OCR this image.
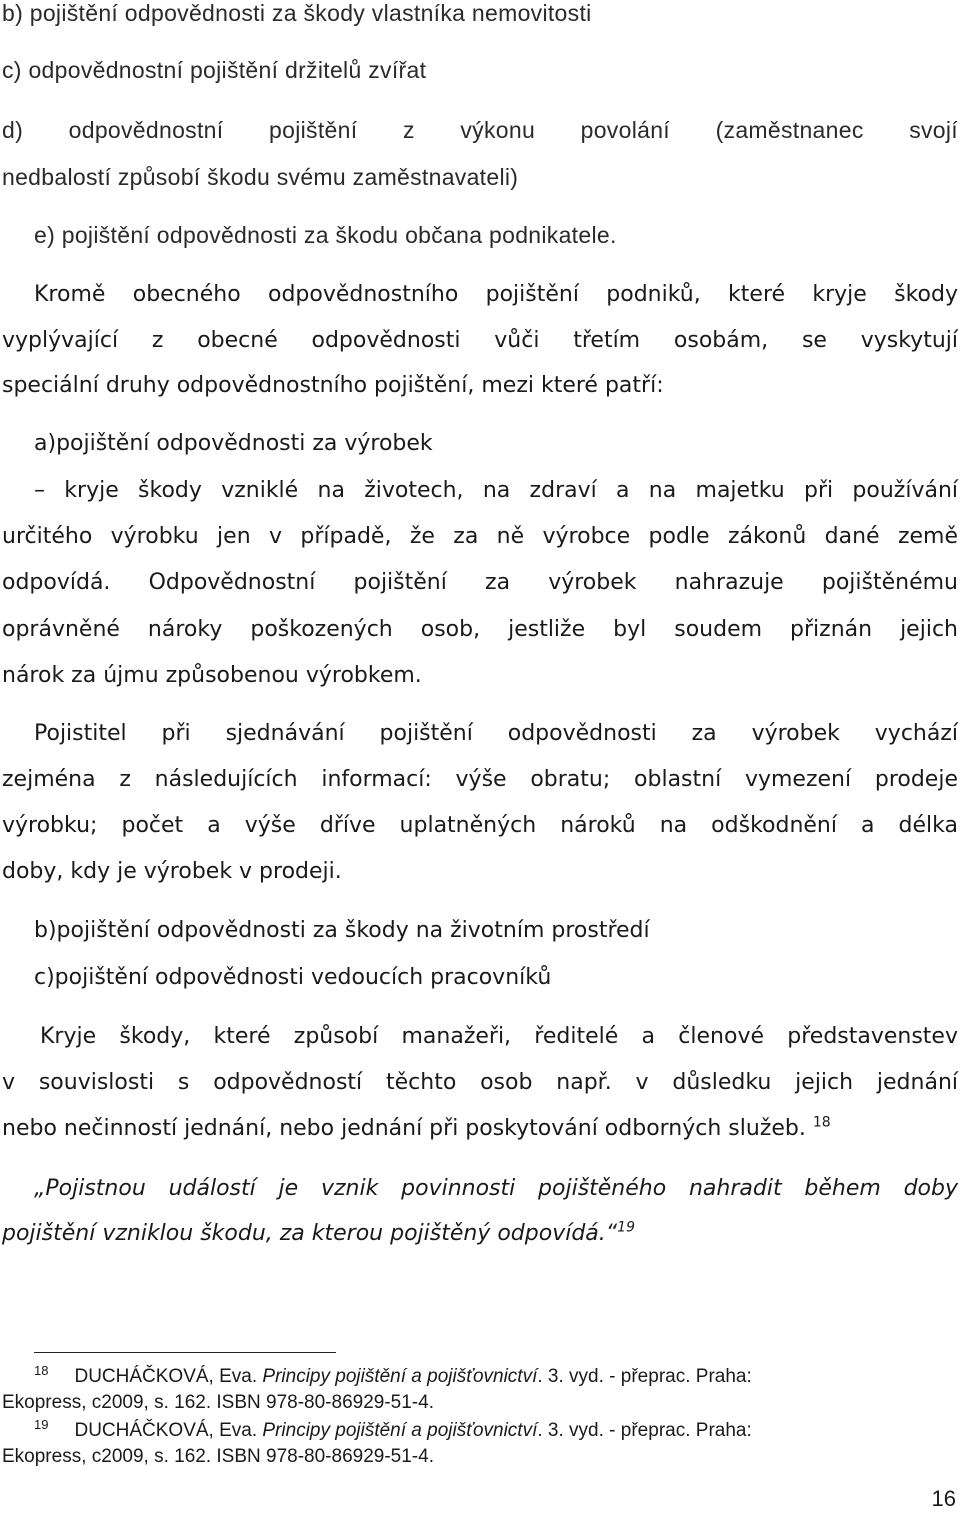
b) pojištění odpovědnosti za škody vlastníka nemovitosti

c) odpovědnostní pojištění držitelů zvířat

d) odpovědnostní pojištění z výkonu povolání (zaměstnanec svojí

nedbalostí způsobí škodu svému zaměstnavateli)

e) pojištění odpovědnosti za škodu občana podnikatele.

Kromě obecného odpovědnostního pojištění podniků, které kryje škody

vyplývající z obecné odpovědnosti vůči třetím osobám, se vyskytují

speciální druhy odpovědnostního pojištění, mezi které patří:

a)pojištění odpovědnosti za výrobek

– kryje škody vzniklé na životech, na zdraví a na majetku při používání

určitého výrobku jen v případě, že za ně výrobce podle zákonů dané země

odpovídá. Odpovědnostní pojištění za výrobek nahrazuje pojištěnému

oprávněné nároky poškozených osob, jestliže byl soudem přiznán jejich

nárok za újmu způsobenou výrobkem.

Pojistitel při sjednávání pojištění odpovědnosti za výrobek vychází

zejména z následujících informací: výše obratu; oblastní vymezení prodeje

výrobku; počet a výše dříve uplatněných nároků na odškodnění a délka

doby, kdy je výrobek v prodeji.

b)pojištění odpovědnosti za škody na životním prostředí

c)pojištění odpovědnosti vedoucích pracovníků

Kryje škody, které způsobí manažeři, ředitelé a členové představenstev

v souvislosti s odpovědností těchto osob např. v důsledku jejich jednání

nebo nečinností jednání, nebo jednání při poskytování odborných služeb. $^{18}$

„Pojistnou událostí je vznik povinnosti pojištěného nahradit během doby

pojištění vzniklou škodu, za kterou pojištěný odpovídá.“$^{19}$

$^{18}$ DUCHÁČKOVÁ, Eva. Principy pojištění a pojišťovnictví. 3. vyd. - přeprac. Praha:

Ekopress, c2009, s. 162. ISBN 978-80-86929-51-4.

$^{19}$ DUCHÁČKOVÁ, Eva. Principy pojištění a pojišťovnictví. 3. vyd. - přeprac. Praha:

Ekopress, c2009, s. 162. ISBN 978-80-86929-51-4.

16
